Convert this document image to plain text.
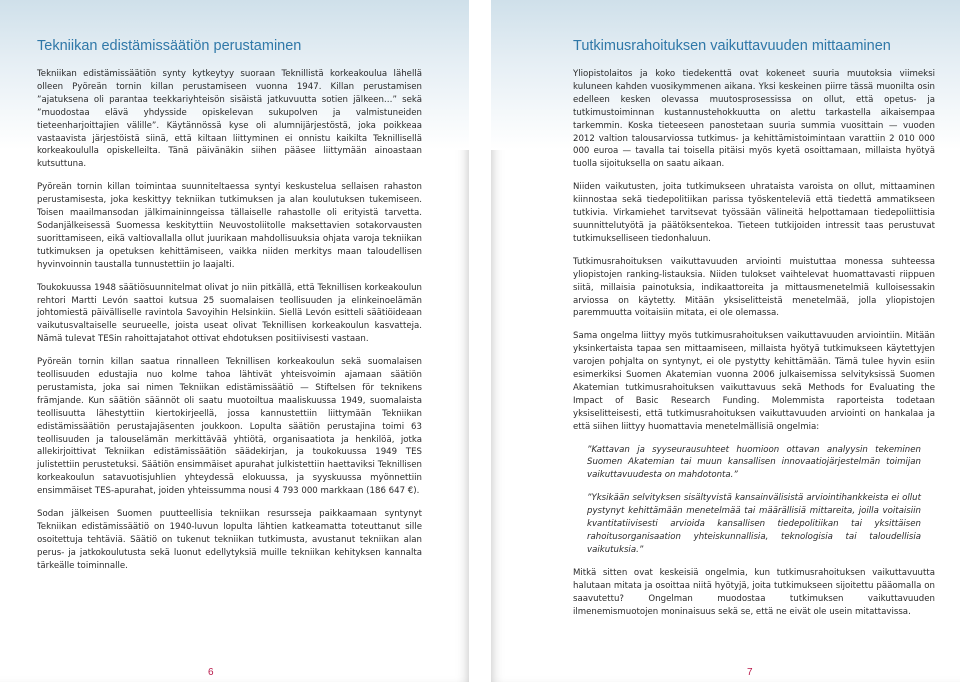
Tekniikan edistämissäätiön perustaminen

Tekniikan edistämissäätiön synty kytkeytyy suoraan Teknillistä korkeakoulua lähellä olleen Pyöreän tornin killan perustamiseen vuonna 1947. Killan perustamisen ”ajatuksena oli parantaa teekkariyhteisön sisäistä jatkuvuutta sotien jälkeen…” sekä ”muodostaa elävä yhdysside opiskelevan sukupolven ja valmistuneiden tieteenharjoittajien välille”. Käytännössä kyse oli alumnijärjestöstä, joka poikkeaa vastaavista järjestöistä siinä, että kiltaan liittyminen ei onnistu kaikilta Teknillisellä korkeakoululla opiskelleilta. Tänä päivänäkin siihen pääsee liittymään ainoastaan kutsuttuna.

Pyöreän tornin killan toimintaa suunniteltaessa syntyi keskustelua sellaisen rahaston perustamisesta, joka keskittyy tekniikan tutkimuksen ja alan koulutuksen tukemiseen. Toisen maailmansodan jälkimaininngeissa tällaiselle rahastolle oli erityistä tarvetta. Sodanjälkeisessä Suomessa keskityttiin Neuvostoliitolle maksettavien sotakorvausten suorittamiseen, eikä valtiovallalla ollut juurikaan mahdollisuuksia ohjata varoja tekniikan tutkimuksen ja opetuksen kehittämiseen, vaikka niiden merkitys maan taloudellisen hyvinvoinnin taustalla tunnustettiin jo laajalti.

Toukokuussa 1948 säätiösuunnitelmat olivat jo niin pitkällä, että Teknillisen korkeakoulun rehtori Martti Levón saattoi kutsua 25 suomalaisen teollisuuden ja elinkeinoelämän johtomiestä päivälliselle ravintola Savoyihin Helsinkiin. Siellä Levón esitteli säätiöideaan vaikutusvaltaiselle seurueelle, joista useat olivat Teknillisen korkeakoulun kasvatteja. Nämä tulevat TESin rahoittajatahot ottivat ehdotuksen positiivisesti vastaan.

Pyöreän tornin killan saatua rinnalleen Teknillisen korkeakoulun sekä suomalaisen teollisuuden edustajia nuo kolme tahoa lähtivät yhteisvoimin ajamaan säätiön perustamista, joka sai nimen Tekniikan edistämissäätiö — Stiftelsen för teknikens främjande. Kun säätiön säännöt oli saatu muotoiltua maaliskuussa 1949, suomalaista teollisuutta lähestyttiin kiertokirjeellä, jossa kannustettiin liittymään Tekniikan edistämissäätiön perustajajäsenten joukkoon. Lopulta säätiön perustajina toimi 63 teollisuuden ja talouselämän merkittävää yhtiötä, organisaatiota ja henkilöä, jotka allekirjoittivat Tekniikan edistämissäätiön säädekirjan, ja toukokuussa 1949 TES julistettiin perustetuksi. Säätiön ensimmäiset apurahat julkistettiin haettaviksi Teknillisen korkeakoulun satavuotisjuhlien yhteydessä elokuussa, ja syyskuussa myönnettiin ensimmäiset TES-apurahat, joiden yhteissumma nousi 4 793 000 markkaan (186 647 €).

Sodan jälkeisen Suomen puutteellisia tekniikan resursseja paikkaamaan syntynyt Tekniikan edistämissäätiö on 1940-luvun lopulta lähtien katkeamatta toteuttanut sille osoitettuja tehtäviä. Säätiö on tukenut tekniikan tutkimusta, avustanut tekniikan alan perus- ja jatkokoulutusta sekä luonut edellytyksiä muille tekniikan kehityksen kannalta tärkeälle toiminnalle.

6
Tutkimusrahoituksen vaikuttavuuden mittaaminen

Yliopistolaitos ja koko tiedekenttä ovat kokeneet suuria muutoksia viimeksi kuluneen kahden vuosikymmenen aikana. Yksi keskeinen piirre tässä muonilta osin edelleen kesken olevassa muutosprosessissa on ollut, että opetus- ja tutkimustoiminnan kustannustehokkuutta on alettu tarkastella aikaisempaa tarkemmin. Koska tieteeseen panostetaan suuria summia vuosittain — vuoden 2012 valtion talousarviossa tutkimus- ja kehittämistoimintaan varattiin 2 010 000 000 euroa — tavalla tai toisella pitäisi myös kyetä osoittamaan, millaista hyötyä tuolla sijoituksella on saatu aikaan.

Niiden vaikutusten, joita tutkimukseen uhrataista varoista on ollut, mittaaminen kiinnostaa sekä tiedepolitiikan parissa työskenteleviä että tiedettä ammatikseen tutkivia. Virkamiehet tarvitsevat työssään välineitä helpottamaan tiedepoliittisia suunnittelutyötä ja päätöksentekoa. Tieteen tutkijoiden intressit taas perustuvat tutkimukselliseen tiedonhaluun.

Tutkimusrahoituksen vaikuttavuuden arviointi muistuttaa monessa suhteessa yliopistojen ranking-listauksia. Niiden tulokset vaihtelevat huomattavasti riippuen siitä, millaisia painotuksia, indikaattoreita ja mittausmenetelmiä kulloisessakin arviossa on käytetty. Mitään yksiselitteistä menetelmää, jolla yliopistojen paremmuutta voitaisiin mitata, ei ole olemassa.

Sama ongelma liittyy myös tutkimusrahoituksen vaikuttavuuden arviointiin. Mitään yksinkertaista tapaa sen mittaamiseen, millaista hyötyä tutkimukseen käytettyjen varojen pohjalta on syntynyt, ei ole pystytty kehittämään. Tämä tulee hyvin esiin esimerkiksi Suomen Akatemian vuonna 2006 julkaisemissa selvityksissä Suomen Akatemian tutkimusrahoituksen vaikuttavuus sekä Methods for Evaluating the Impact of Basic Research Funding. Molemmista raporteista todetaan yksiselitteisesti, että tutkimusrahoituksen vaikuttavuuden arviointi on hankalaa ja että siihen liittyy huomattavia menetelmällisiä ongelmia:

”Kattavan ja syyseurausuhteet huomioon ottavan analyysin tekeminen Suomen Akatemian tai muun kansallisen innovaatiojärjestelmän toimijan vaikuttavuudesta on mahdotonta.”

”Yksikään selvityksen sisältyvistä kansainvälisistä arviointihankkeista ei ollut pystynyt kehittämään menetelmää tai määrällisiä mittareita, joilla voitaisiin kvantitatiivisesti arvioida kansallisen tiedepolitiikan tai yksittäisen rahoitusorganisaation yhteiskunnallisia, teknologisia tai taloudellisia vaikutuksia.”

Mitkä sitten ovat keskeisiä ongelmia, kun tutkimusrahoituksen vaikuttavuutta halutaan mitata ja osoittaa niitä hyötyjä, joita tutkimukseen sijoitettu pääomalla on saavutettu? Ongelman muodostaa tutkimuksen vaikuttavuuden ilmenemismuotojen moninaisuus sekä se, että ne eivät ole usein mitattavissa.

7
